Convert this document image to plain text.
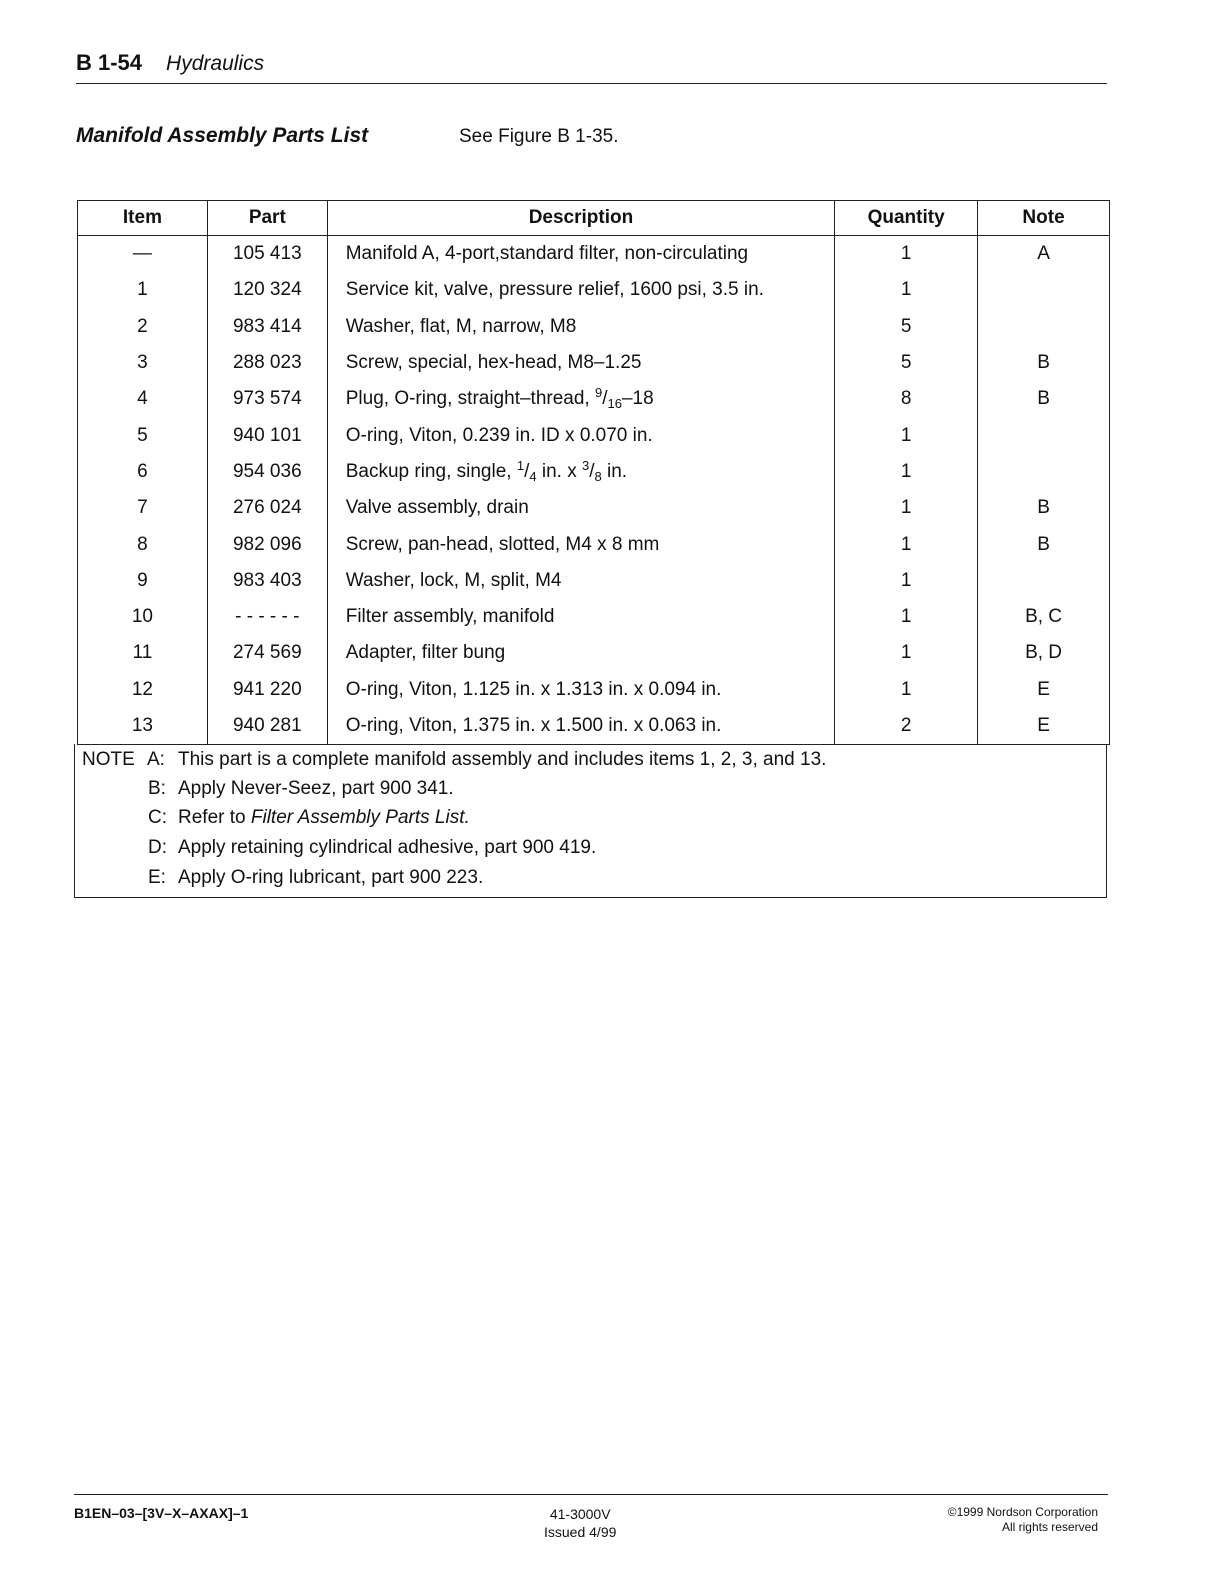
B 1-54 Hydraulics
Manifold Assembly Parts List	See Figure B 1-35.
Item	Part	Description	Quantity	Note
—	105 413	Manifold A, 4-port,standard filter, non-circulating	1	A
1	120 324	Service kit, valve, pressure relief, 1600 psi, 3.5 in.	1	
2	983 414	Washer, flat, M, narrow, M8	5	
3	288 023	Screw, special, hex-head, M8–1.25	5	B
4	973 574	Plug, O-ring, straight–thread, $^9/_{16}-18$	8	B
5	940 101	O-ring, Viton, 0.239 in. ID x 0.070 in.	1	
6	954 036	Backup ring, single, $^1/_4$ in. x $^3/_8$ in.	1	
7	276 024	Valve assembly, drain	1	B
8	982 096	Screw, pan-head, slotted, M4 x 8 mm	1	B
9	983 403	Washer, lock, M, split, M4	1	
10	- - - - - -	Filter assembly, manifold	1	B, C
11	274 569	Adapter, filter bung	1	B, D
12	941 220	O-ring, Viton, 1.125 in. x 1.313 in. x 0.094 in.	1	E
13	940 281	O-ring, Viton, 1.375 in. x 1.500 in. x 0.063 in.	2	E
NOTE A: This part is a complete manifold assembly and includes items 1, 2, 3, and 13.
B: Apply Never-Seez, part 900 341.
C: Refer to Filter Assembly Parts List.
D: Apply retaining cylindrical adhesive, part 900 419.
E: Apply O-ring lubricant, part 900 223.
B1EN–03–[3V–X–AXAX]–1	41-3000V
Issued 4/99
©1999 Nordson Corporation
All rights reserved
